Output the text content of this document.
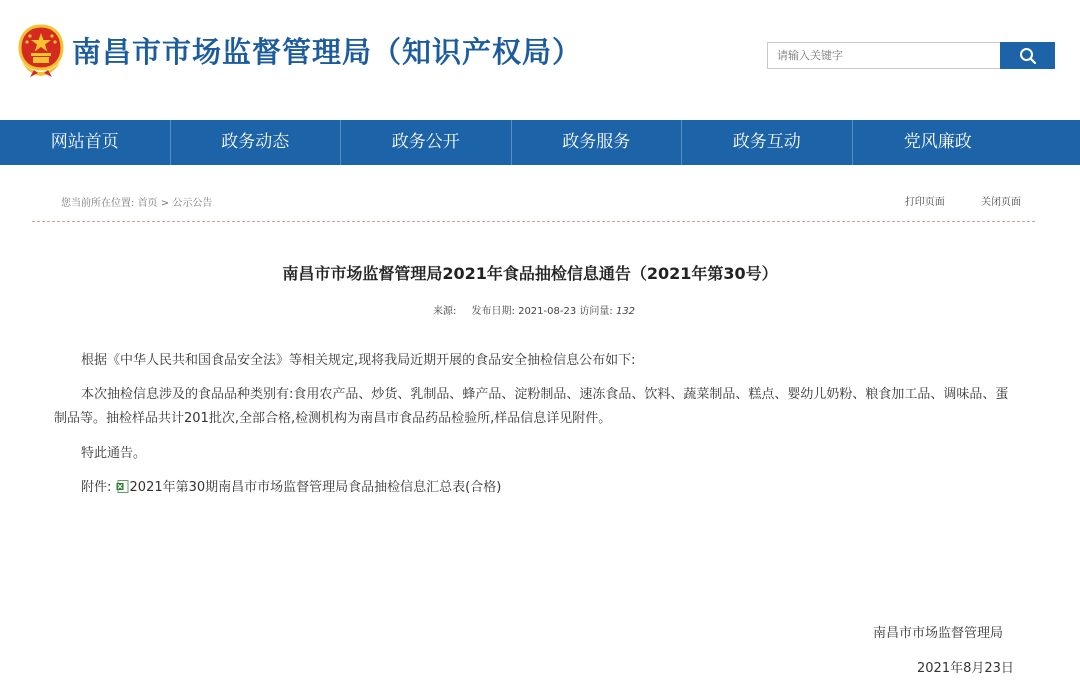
南昌市市场监督管理局（知识产权局）
请输入关键字
网站首页	政务动态	政务公开	政务服务	政务互动	党风廉政
您当前所在位置: 首页 > 公示公告	打印页面	关闭页面
南昌市市场监督管理局2021年食品抽检信息通告（2021年第30号）
来源: 发布日期: 2021-08-23 访问量: 132

根据《中华人民共和国食品安全法》等相关规定,现将我局近期开展的食品安全抽检信息公布如下:

本次抽检信息涉及的食品品种类别有:食用农产品、炒货、乳制品、蜂产品、淀粉制品、速冻食品、饮料、蔬菜制品、糕点、婴幼儿奶粉、粮食加工品、调味品、蛋制品等。抽检样品共计201批次,全部合格,检测机构为南昌市食品药品检验所,样品信息详见附件。

特此通告。

附件: 2021年第30期南昌市市场监督管理局食品抽检信息汇总表(合格)

南昌市市场监督管理局
2021年8月23日
